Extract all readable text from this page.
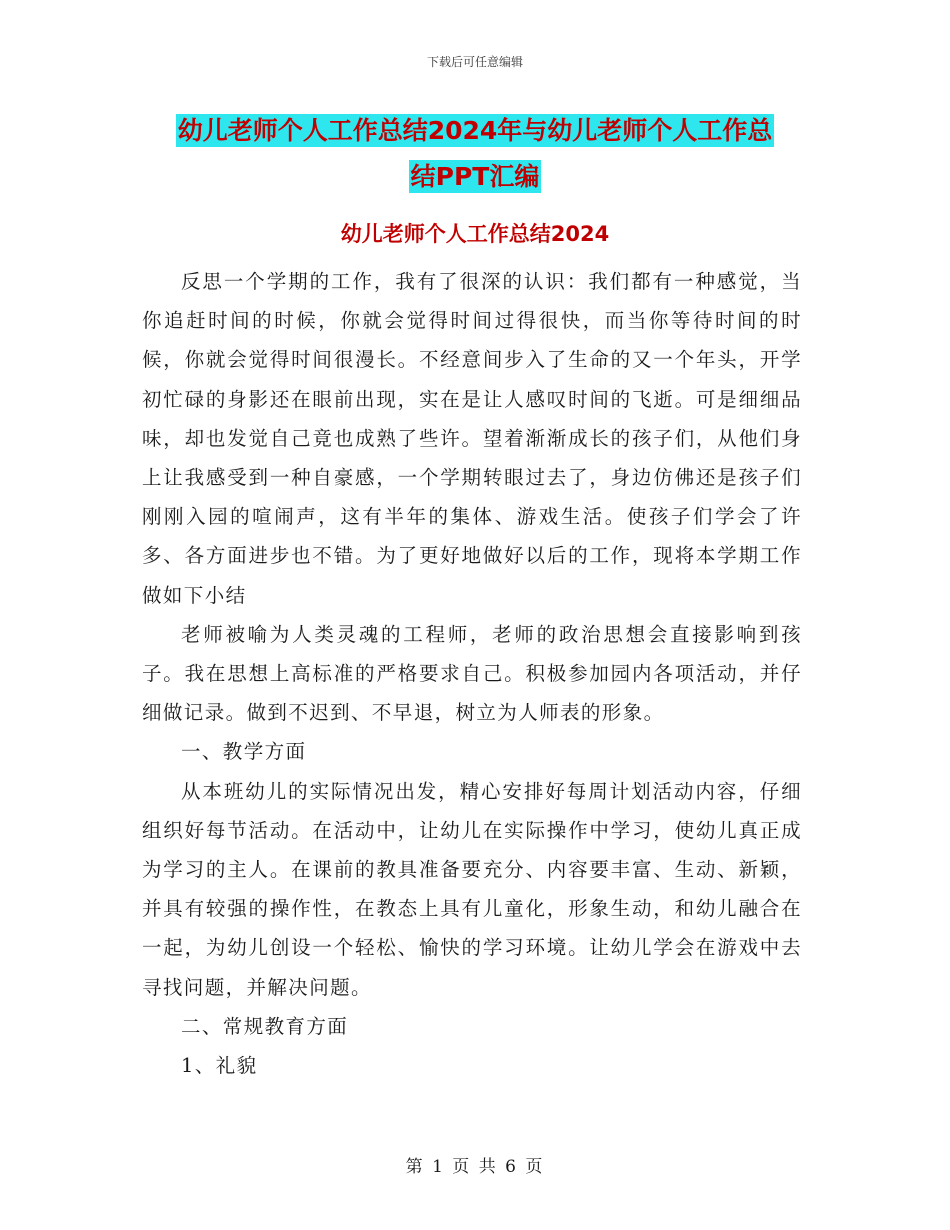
下载后可任意编辑
幼儿老师个人工作总结2024年与幼儿老师个人工作总
结PPT汇编
幼儿老师个人工作总结2024

反思一个学期的工作，我有了很深的认识：我们都有一种感觉，当你追赶时间的时候，你就会觉得时间过得很快，而当你等待时间的时候，你就会觉得时间很漫长。不经意间步入了生命的又一个年头，开学初忙碌的身影还在眼前出现，实在是让人感叹时间的飞逝。可是细细品味，却也发觉自己竟也成熟了些许。望着渐渐成长的孩子们，从他们身上让我感受到一种自豪感，一个学期转眼过去了，身边仿佛还是孩子们刚刚入园的喧闹声，这有半年的集体、游戏生活。使孩子们学会了许多、各方面进步也不错。为了更好地做好以后的工作，现将本学期工作做如下小结

老师被喻为人类灵魂的工程师，老师的政治思想会直接影响到孩子。我在思想上高标准的严格要求自己。积极参加园内各项活动，并仔细做记录。做到不迟到、不早退，树立为人师表的形象。

一、教学方面

从本班幼儿的实际情况出发，精心安排好每周计划活动内容，仔细组织好每节活动。在活动中，让幼儿在实际操作中学习，使幼儿真正成为学习的主人。在课前的教具准备要充分、内容要丰富、生动、新颖，并具有较强的操作性，在教态上具有儿童化，形象生动，和幼儿融合在一起，为幼儿创设一个轻松、愉快的学习环境。让幼儿学会在游戏中去寻找问题，并解决问题。

二、常规教育方面

1、礼貌

第 1 页 共 6 页
